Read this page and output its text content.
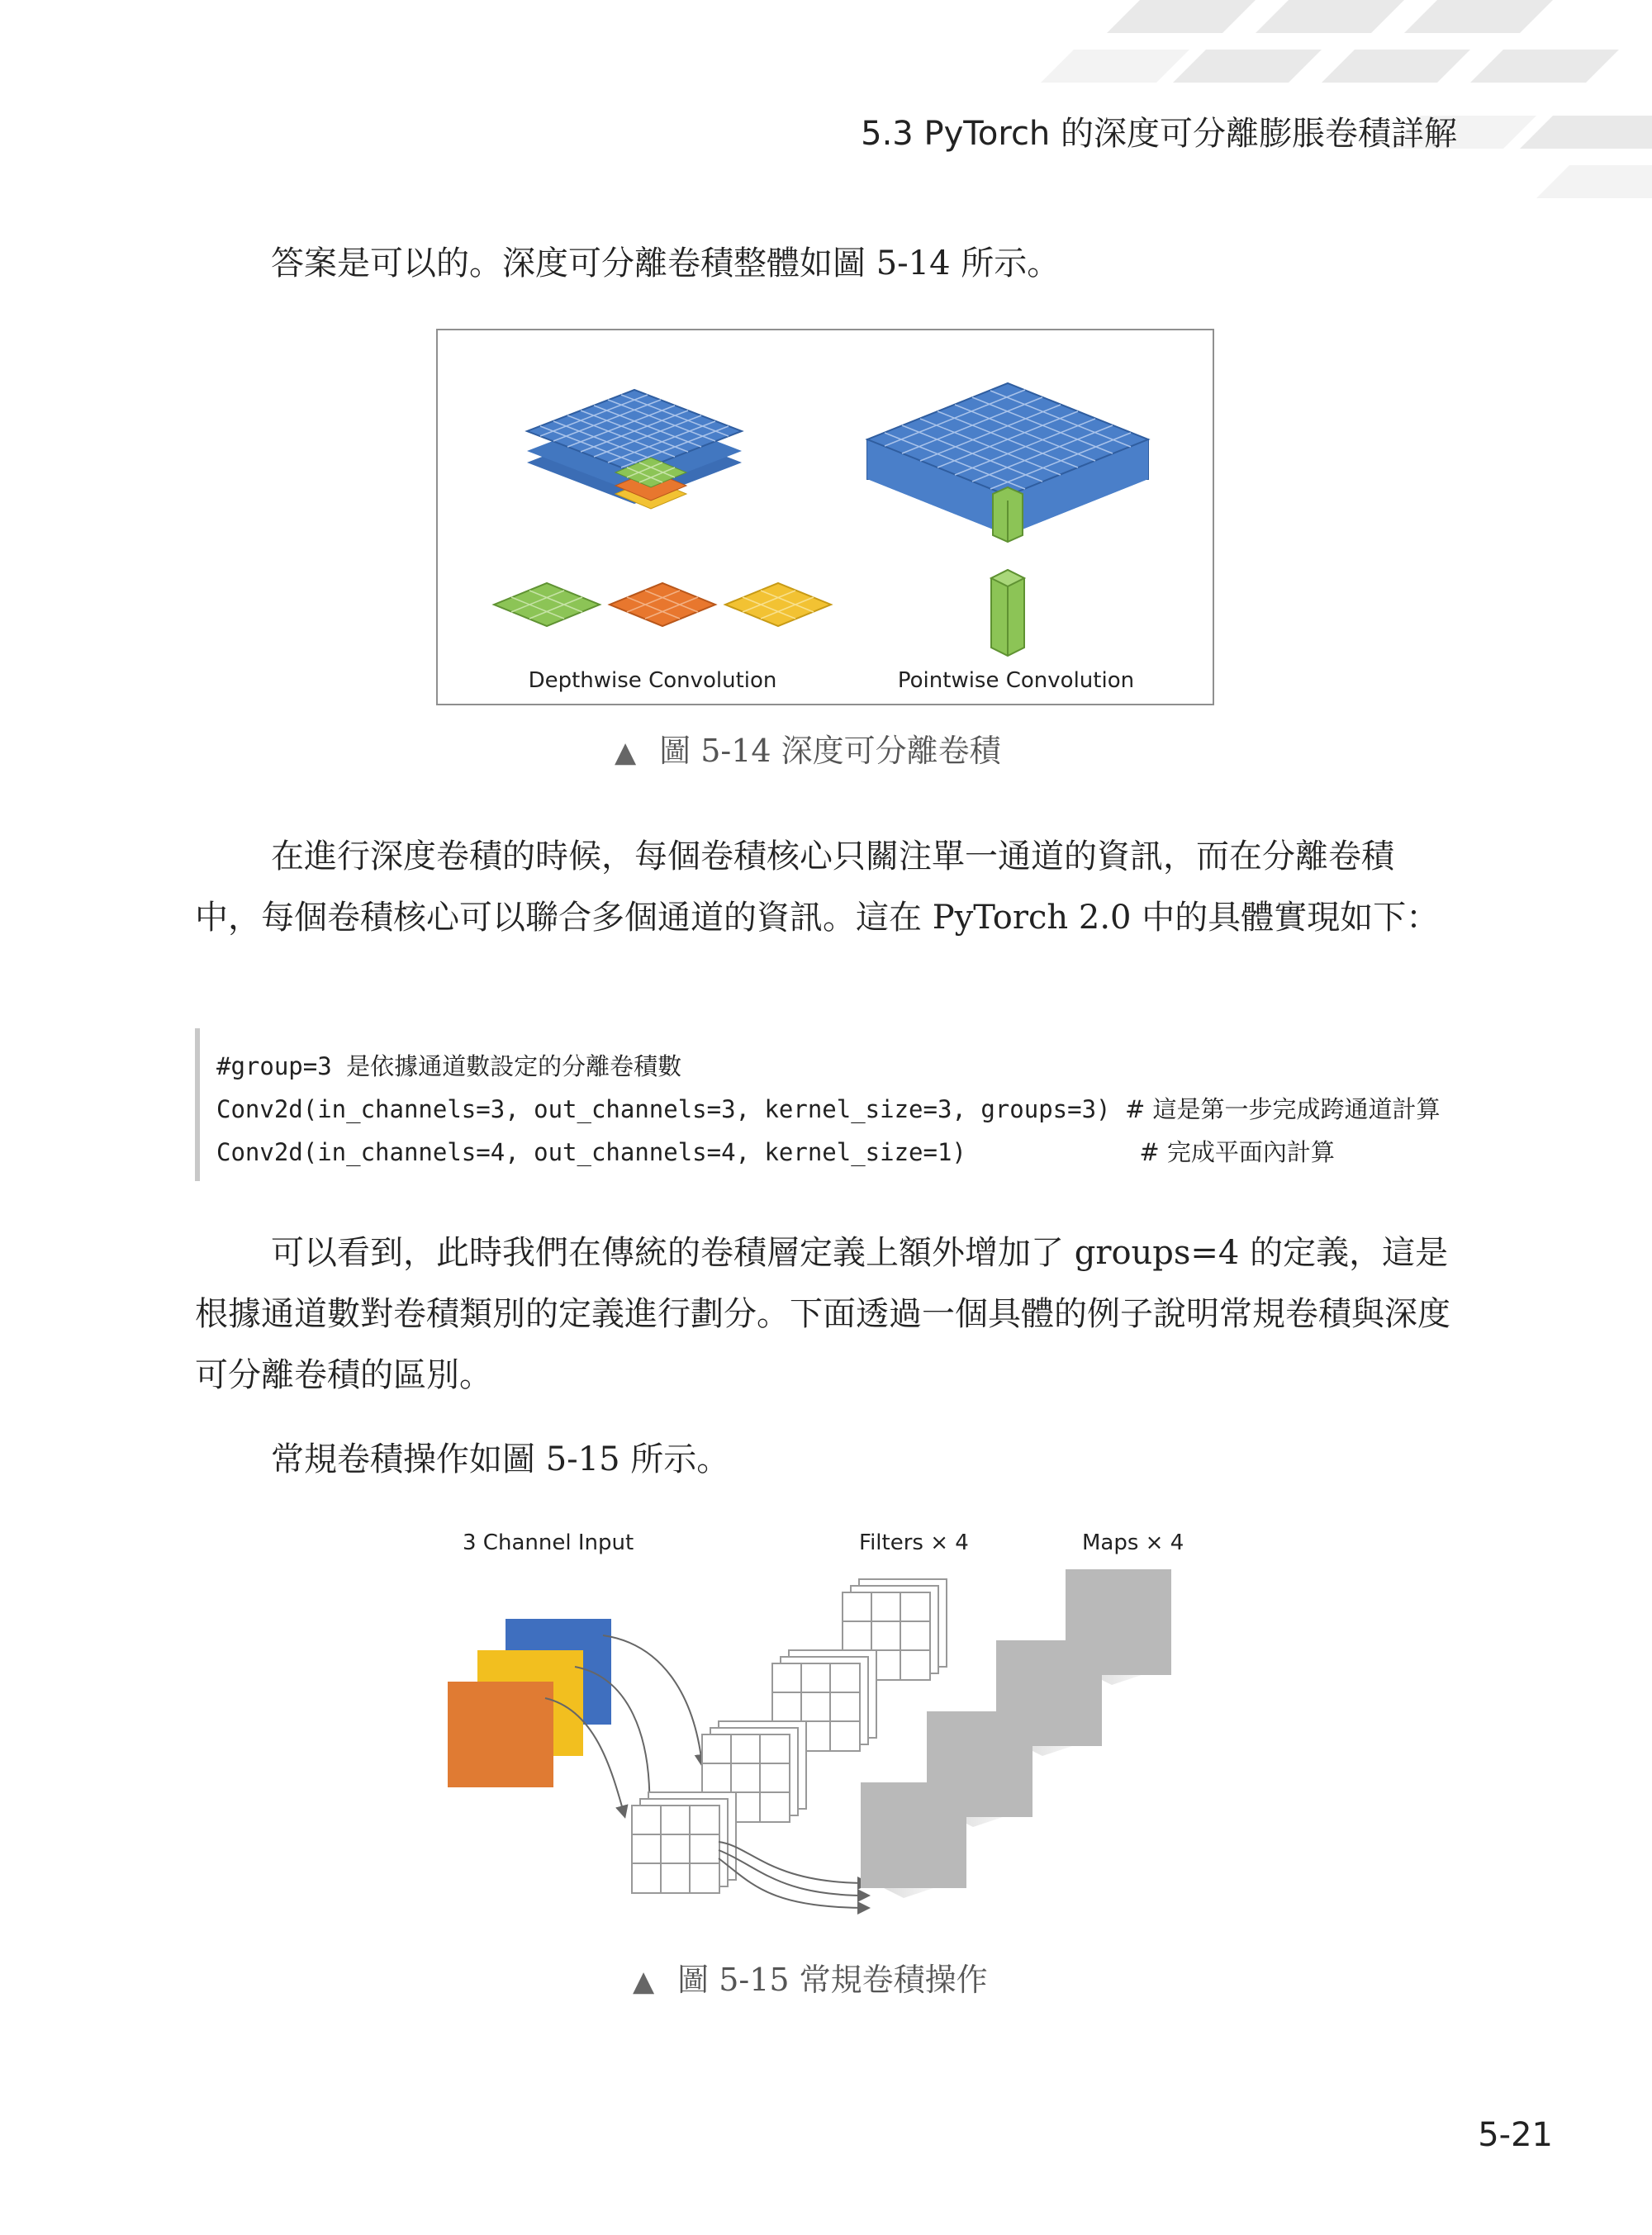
5.3 PyTorch 的深度可分離膨脹卷積詳解

答案是可以的。深度可分離卷積整體如圖 5-14 所示。

Depthwise Convolution	Pointwise Convolution
▲ 圖 5-14 深度可分離卷積

在進行深度卷積的時候，每個卷積核心只關注單一通道的資訊，而在分離卷積中，每個卷積核心可以聯合多個通道的資訊。這在 PyTorch 2.0 中的具體實現如下：

#group=3 是依據通道數設定的分離卷積數
Conv2d(in_channels=3, out_channels=3, kernel_size=3, groups=3) # 這是第一步完成跨通道計算
Conv2d(in_channels=4, out_channels=4, kernel_size=1)            # 完成平面內計算

可以看到，此時我們在傳統的卷積層定義上額外增加了 groups=4 的定義，這是根據通道數對卷積類別的定義進行劃分。下面透過一個具體的例子說明常規卷積與深度可分離卷積的區別。

常規卷積操作如圖 5-15 所示。

3 Channel Input	Filters × 4	Maps × 4
▲ 圖 5-15 常規卷積操作
5-21
